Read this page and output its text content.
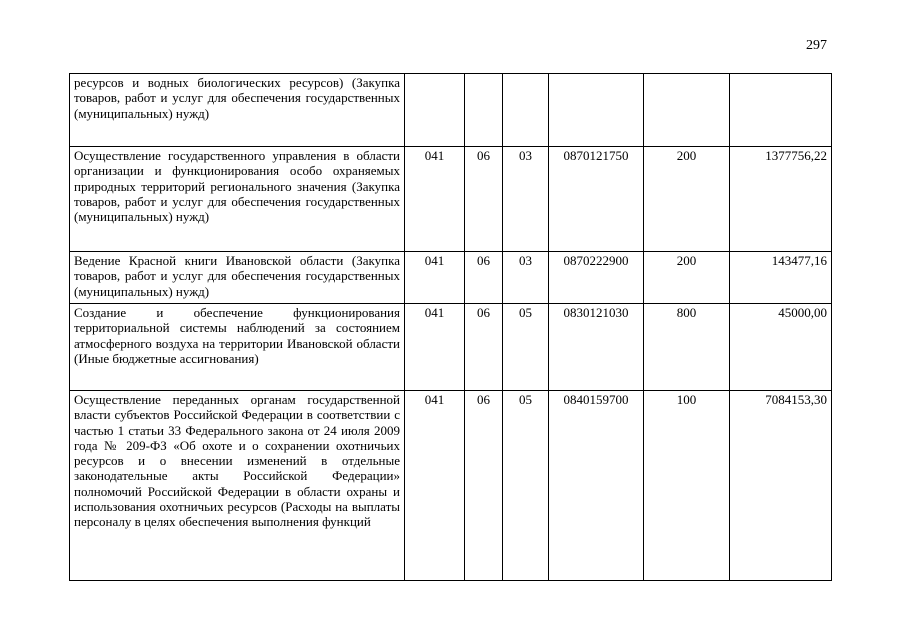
297
ресурсов и водных биологических ресурсов) (Закупка товаров, работ и услуг для обеспечения государственных (муниципальных) нужд)						
Осуществление государственного управления в области организации и функционирования особо охраняемых природных территорий регионального значения (Закупка товаров, работ и услуг для обеспечения государственных (муниципальных) нужд)	041	06	03	0870121750	200	1377756,22
Ведение Красной книги Ивановской области (Закупка товаров, работ и услуг для обеспечения государственных (муниципальных) нужд)	041	06	03	0870222900	200	143477,16
Создание и обеспечение функционирования территориальной системы наблюдений за состоянием атмосферного воздуха на территории Ивановской области (Иные бюджетные ассигнования)	041	06	05	0830121030	800	45000,00
Осуществление переданных органам государственной власти субъектов Российской Федерации в соответствии с частью 1 статьи 33 Федерального закона от 24 июля 2009 года № 209-ФЗ «Об охоте и о сохранении охотничьих ресурсов и о внесении изменений в отдельные законодательные акты Российской Федерации» полномочий Российской Федерации в области охраны и использования охотничьих ресурсов (Расходы на выплаты персоналу в целях обеспечения выполнения функций	041	06	05	0840159700	100	7084153,30
